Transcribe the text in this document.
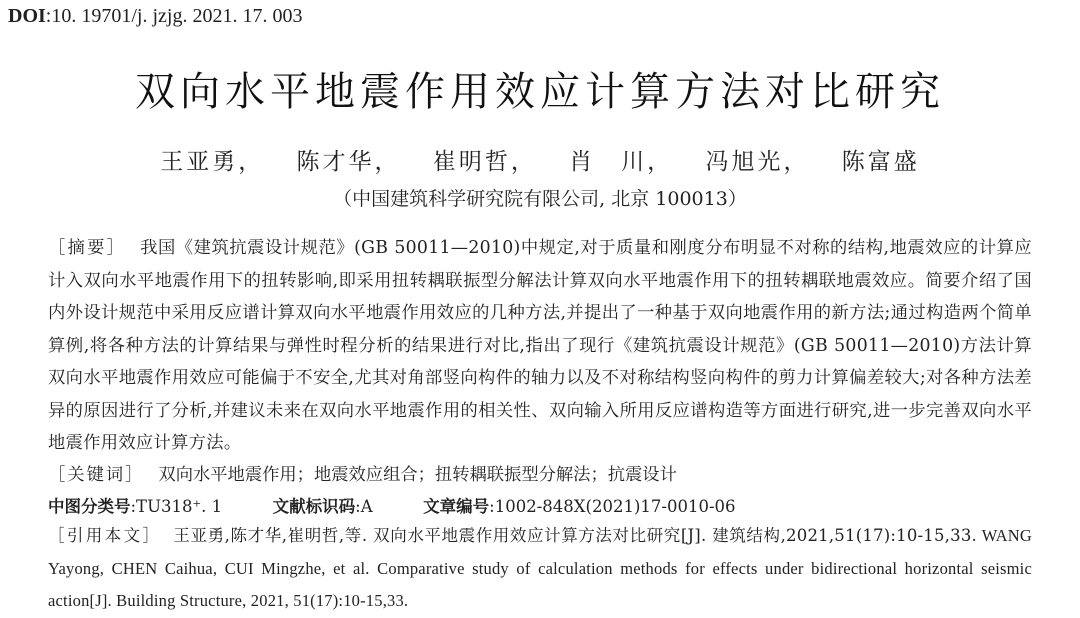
DOI:10. 19701/j. jzjg. 2021. 17. 003
双向水平地震作用效应计算方法对比研究
王亚勇， 陈才华， 崔明哲， 肖　川， 冯旭光， 陈富盛
（中国建筑科学研究院有限公司, 北京 100013）
［摘要］ 我国《建筑抗震设计规范》(GB 50011—2010)中规定,对于质量和刚度分布明显不对称的结构,地震效应的计算应计入双向水平地震作用下的扭转影响,即采用扭转耦联振型分解法计算双向水平地震作用下的扭转耦联地震效应。简要介绍了国内外设计规范中采用反应谱计算双向水平地震作用效应的几种方法,并提出了一种基于双向地震作用的新方法;通过构造两个简单算例,将各种方法的计算结果与弹性时程分析的结果进行对比,指出了现行《建筑抗震设计规范》(GB 50011—2010)方法计算双向水平地震作用效应可能偏于不安全,尤其对角部竖向构件的轴力以及不对称结构竖向构件的剪力计算偏差较大;对各种方法差异的原因进行了分析,并建议未来在双向水平地震作用的相关性、双向输入所用反应谱构造等方面进行研究,进一步完善双向水平地震作用效应计算方法。
［关键词］ 双向水平地震作用；地震效应组合；扭转耦联振型分解法；抗震设计
中图分类号:TU318⁺. 1	文献标识码:A	文章编号:1002-848X(2021)17-0010-06
［引用本文］ 王亚勇,陈才华,崔明哲,等. 双向水平地震作用效应计算方法对比研究[J]. 建筑结构,2021,51(17):10-15,33. WANG Yayong, CHEN Caihua, CUI Mingzhe, et al. Comparative study of calculation methods for effects under bidirectional horizontal seismic action[J]. Building Structure, 2021, 51(17):10-15,33.
